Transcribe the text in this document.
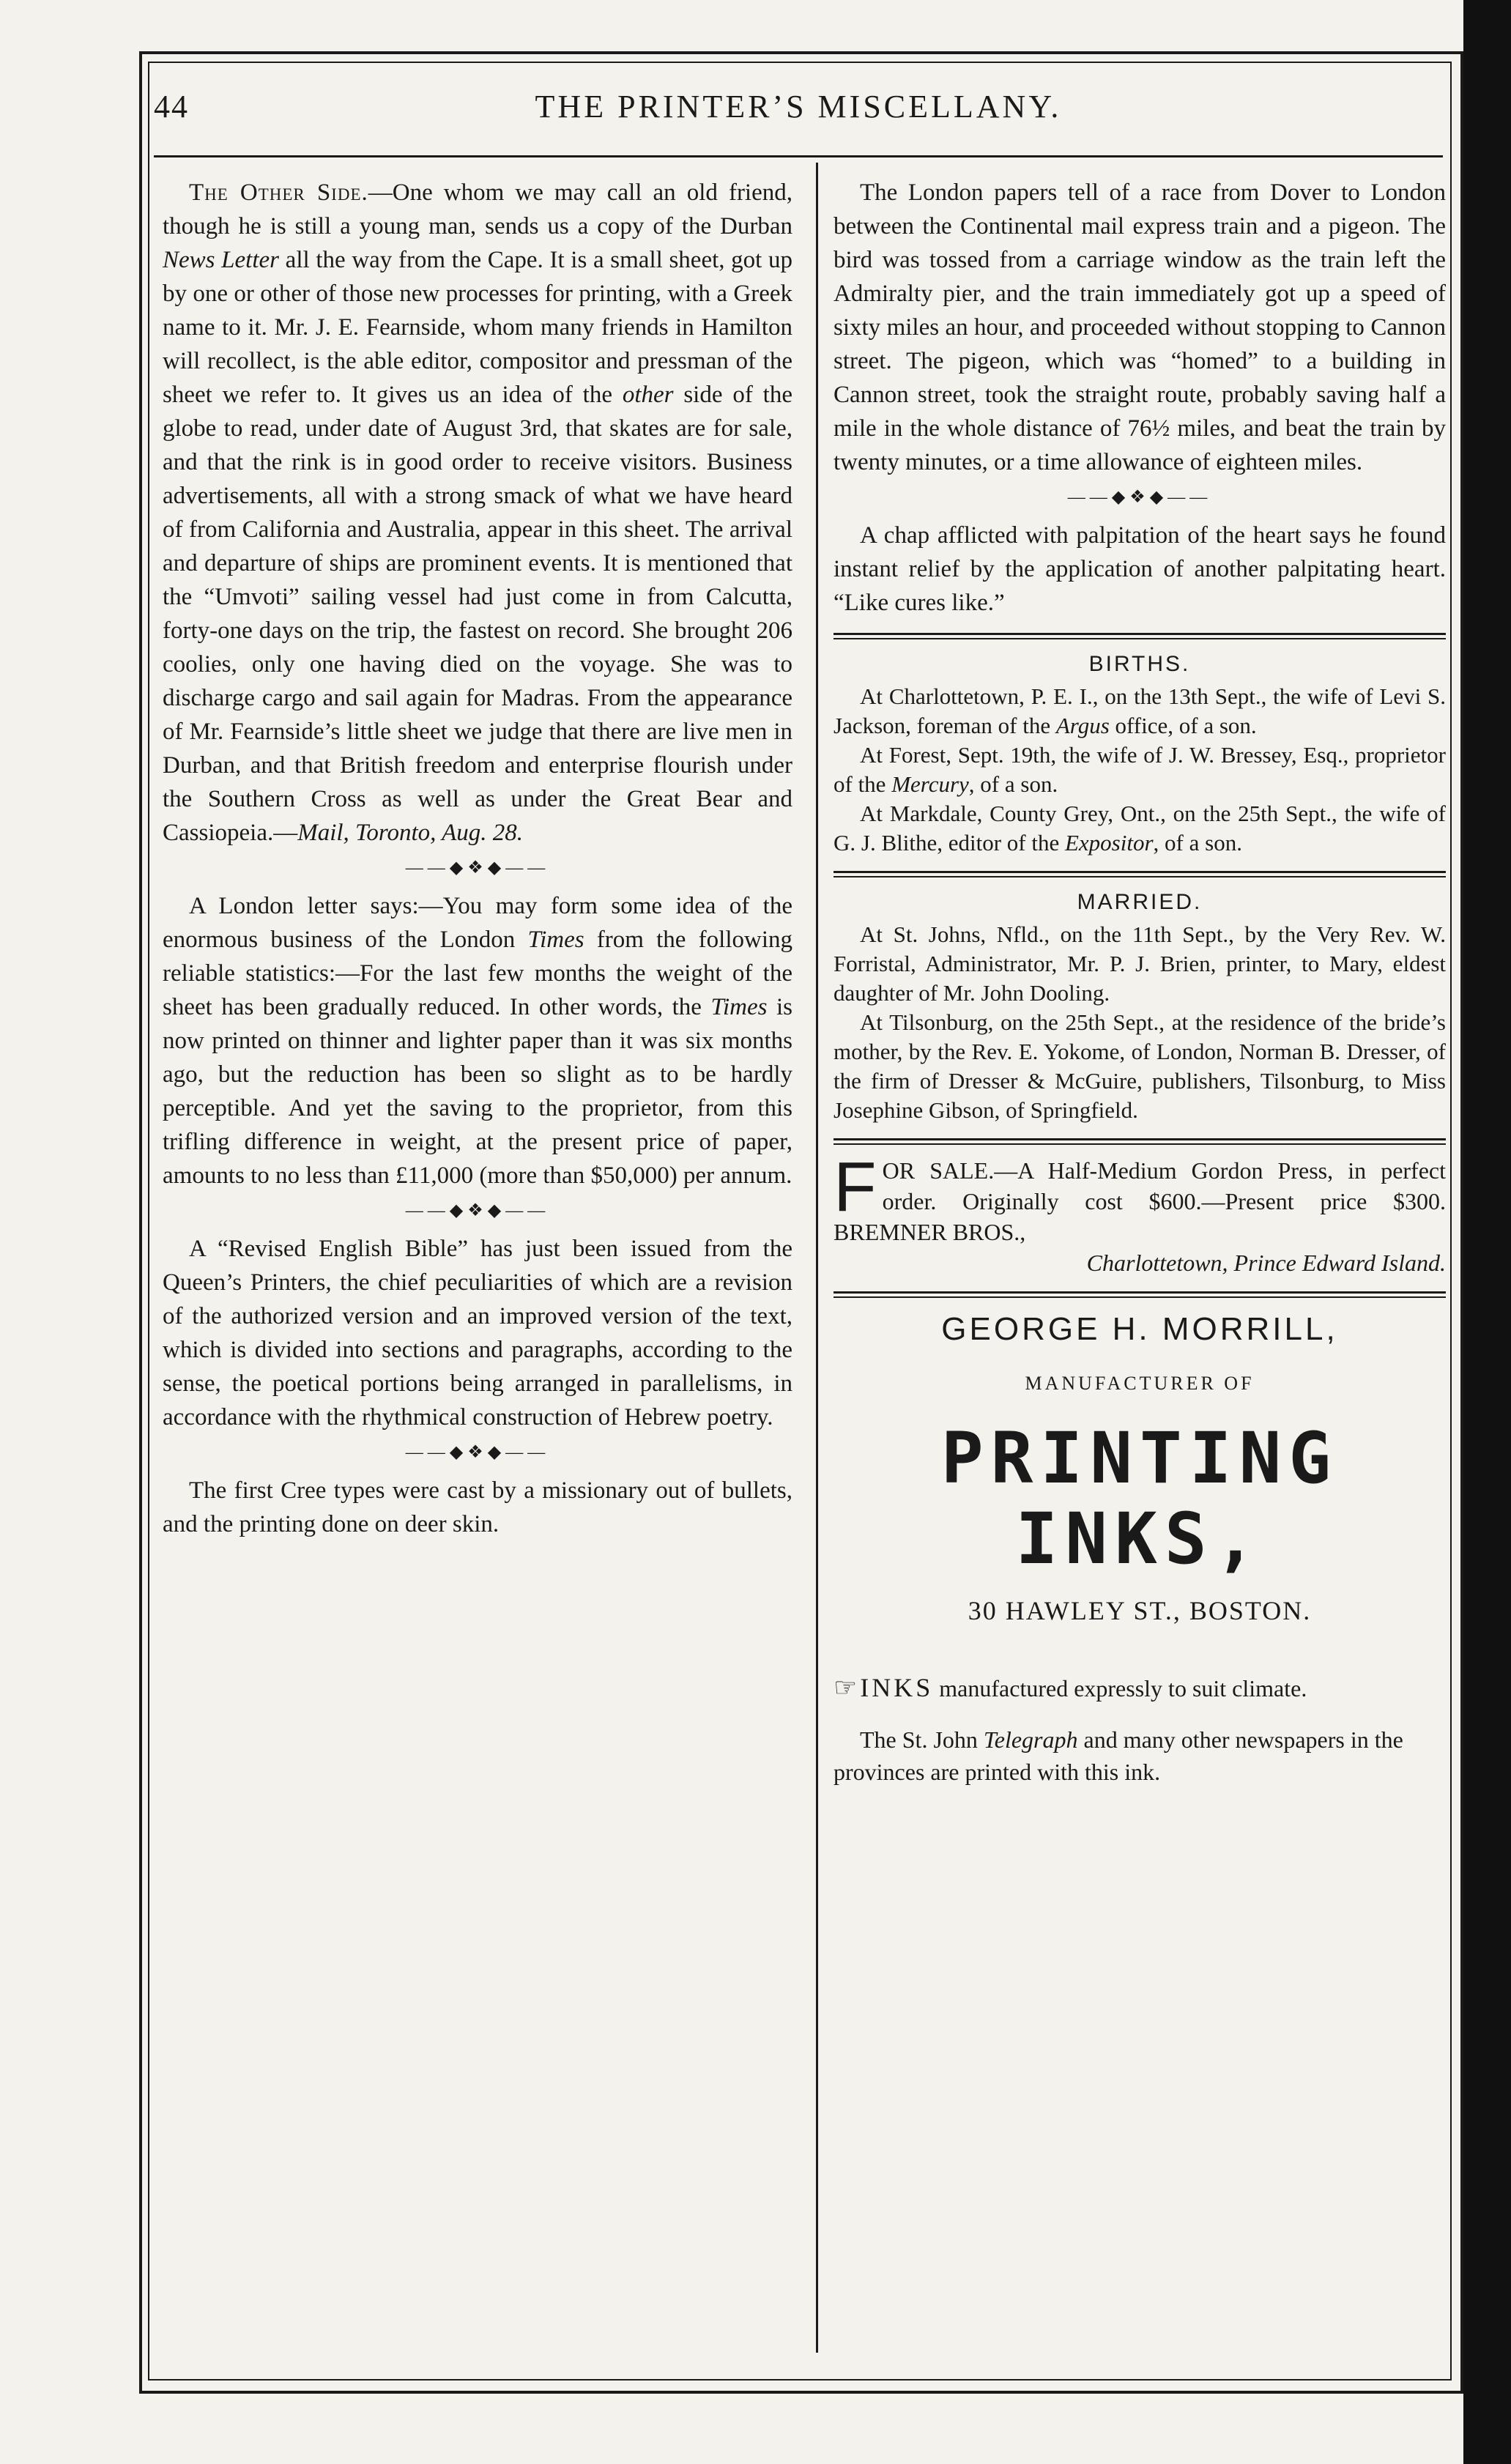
44	THE PRINTER’S MISCELLANY.

The Other Side.—One whom we may call an old friend, though he is still a young man, sends us a copy of the Durban News Letter all the way from the Cape. It is a small sheet, got up by one or other of those new processes for printing, with a Greek name to it. Mr. J. E. Fearnside, whom many friends in Hamilton will recollect, is the able editor, compositor and pressman of the sheet we refer to. It gives us an idea of the other side of the globe to read, under date of August 3rd, that skates are for sale, and that the rink is in good order to receive visitors. Business advertisements, all with a strong smack of what we have heard of from California and Australia, appear in this sheet. The arrival and departure of ships are prominent events. It is mentioned that the “Umvoti” sailing vessel had just come in from Calcutta, forty-one days on the trip, the fastest on record. She brought 206 coolies, only one having died on the voyage. She was to discharge cargo and sail again for Madras. From the appearance of Mr. Fearnside’s little sheet we judge that there are live men in Durban, and that British freedom and enterprise flourish under the Southern Cross as well as under the Great Bear and Cassiopeia.—Mail, Toronto, Aug. 28.

——◆❖◆——

A London letter says:—You may form some idea of the enormous business of the London Times from the following reliable statistics:—For the last few months the weight of the sheet has been gradually reduced. In other words, the Times is now printed on thinner and lighter paper than it was six months ago, but the reduction has been so slight as to be hardly perceptible. And yet the saving to the proprietor, from this trifling difference in weight, at the present price of paper, amounts to no less than £11,000 (more than $50,000) per annum.

——◆❖◆——

A “Revised English Bible” has just been issued from the Queen’s Printers, the chief peculiarities of which are a revision of the authorized version and an improved version of the text, which is divided into sections and paragraphs, according to the sense, the poetical portions being arranged in parallelisms, in accordance with the rhythmical construction of Hebrew poetry.

——◆❖◆——

The first Cree types were cast by a missionary out of bullets, and the printing done on deer skin.

The London papers tell of a race from Dover to London between the Continental mail express train and a pigeon. The bird was tossed from a carriage window as the train left the Admiralty pier, and the train immediately got up a speed of sixty miles an hour, and proceeded without stopping to Cannon street. The pigeon, which was “homed” to a building in Cannon street, took the straight route, probably saving half a mile in the whole distance of 76½ miles, and beat the train by twenty minutes, or a time allowance of eighteen miles.

——◆❖◆——

A chap afflicted with palpitation of the heart says he found instant relief by the application of another palpitating heart. “Like cures like.”

BIRTHS.

At Charlottetown, P. E. I., on the 13th Sept., the wife of Levi S. Jackson, foreman of the Argus office, of a son.

At Forest, Sept. 19th, the wife of J. W. Bressey, Esq., proprietor of the Mercury, of a son.

At Markdale, County Grey, Ont., on the 25th Sept., the wife of G. J. Blithe, editor of the Expositor, of a son.

MARRIED.

At St. Johns, Nfld., on the 11th Sept., by the Very Rev. W. Forristal, Administrator, Mr. P. J. Brien, printer, to Mary, eldest daughter of Mr. John Dooling.

At Tilsonburg, on the 25th Sept., at the residence of the bride’s mother, by the Rev. E. Yokome, of London, Norman B. Dresser, of the firm of Dresser & McGuire, publishers, Tilsonburg, to Miss Josephine Gibson, of Springfield.

F OR SALE.—A Half-Medium Gordon Press, in perfect order. Originally cost $600.—Present price $300. BREMNER BROS.,
Charlottetown, Prince Edward Island.
GEORGE H. MORRILL,
MANUFACTURER OF
PRINTING INKS,
30 HAWLEY ST., BOSTON.
☞INKS manufactured expressly to suit climate.
The St. John Telegraph and many other newspapers in the provinces are printed with this ink.
